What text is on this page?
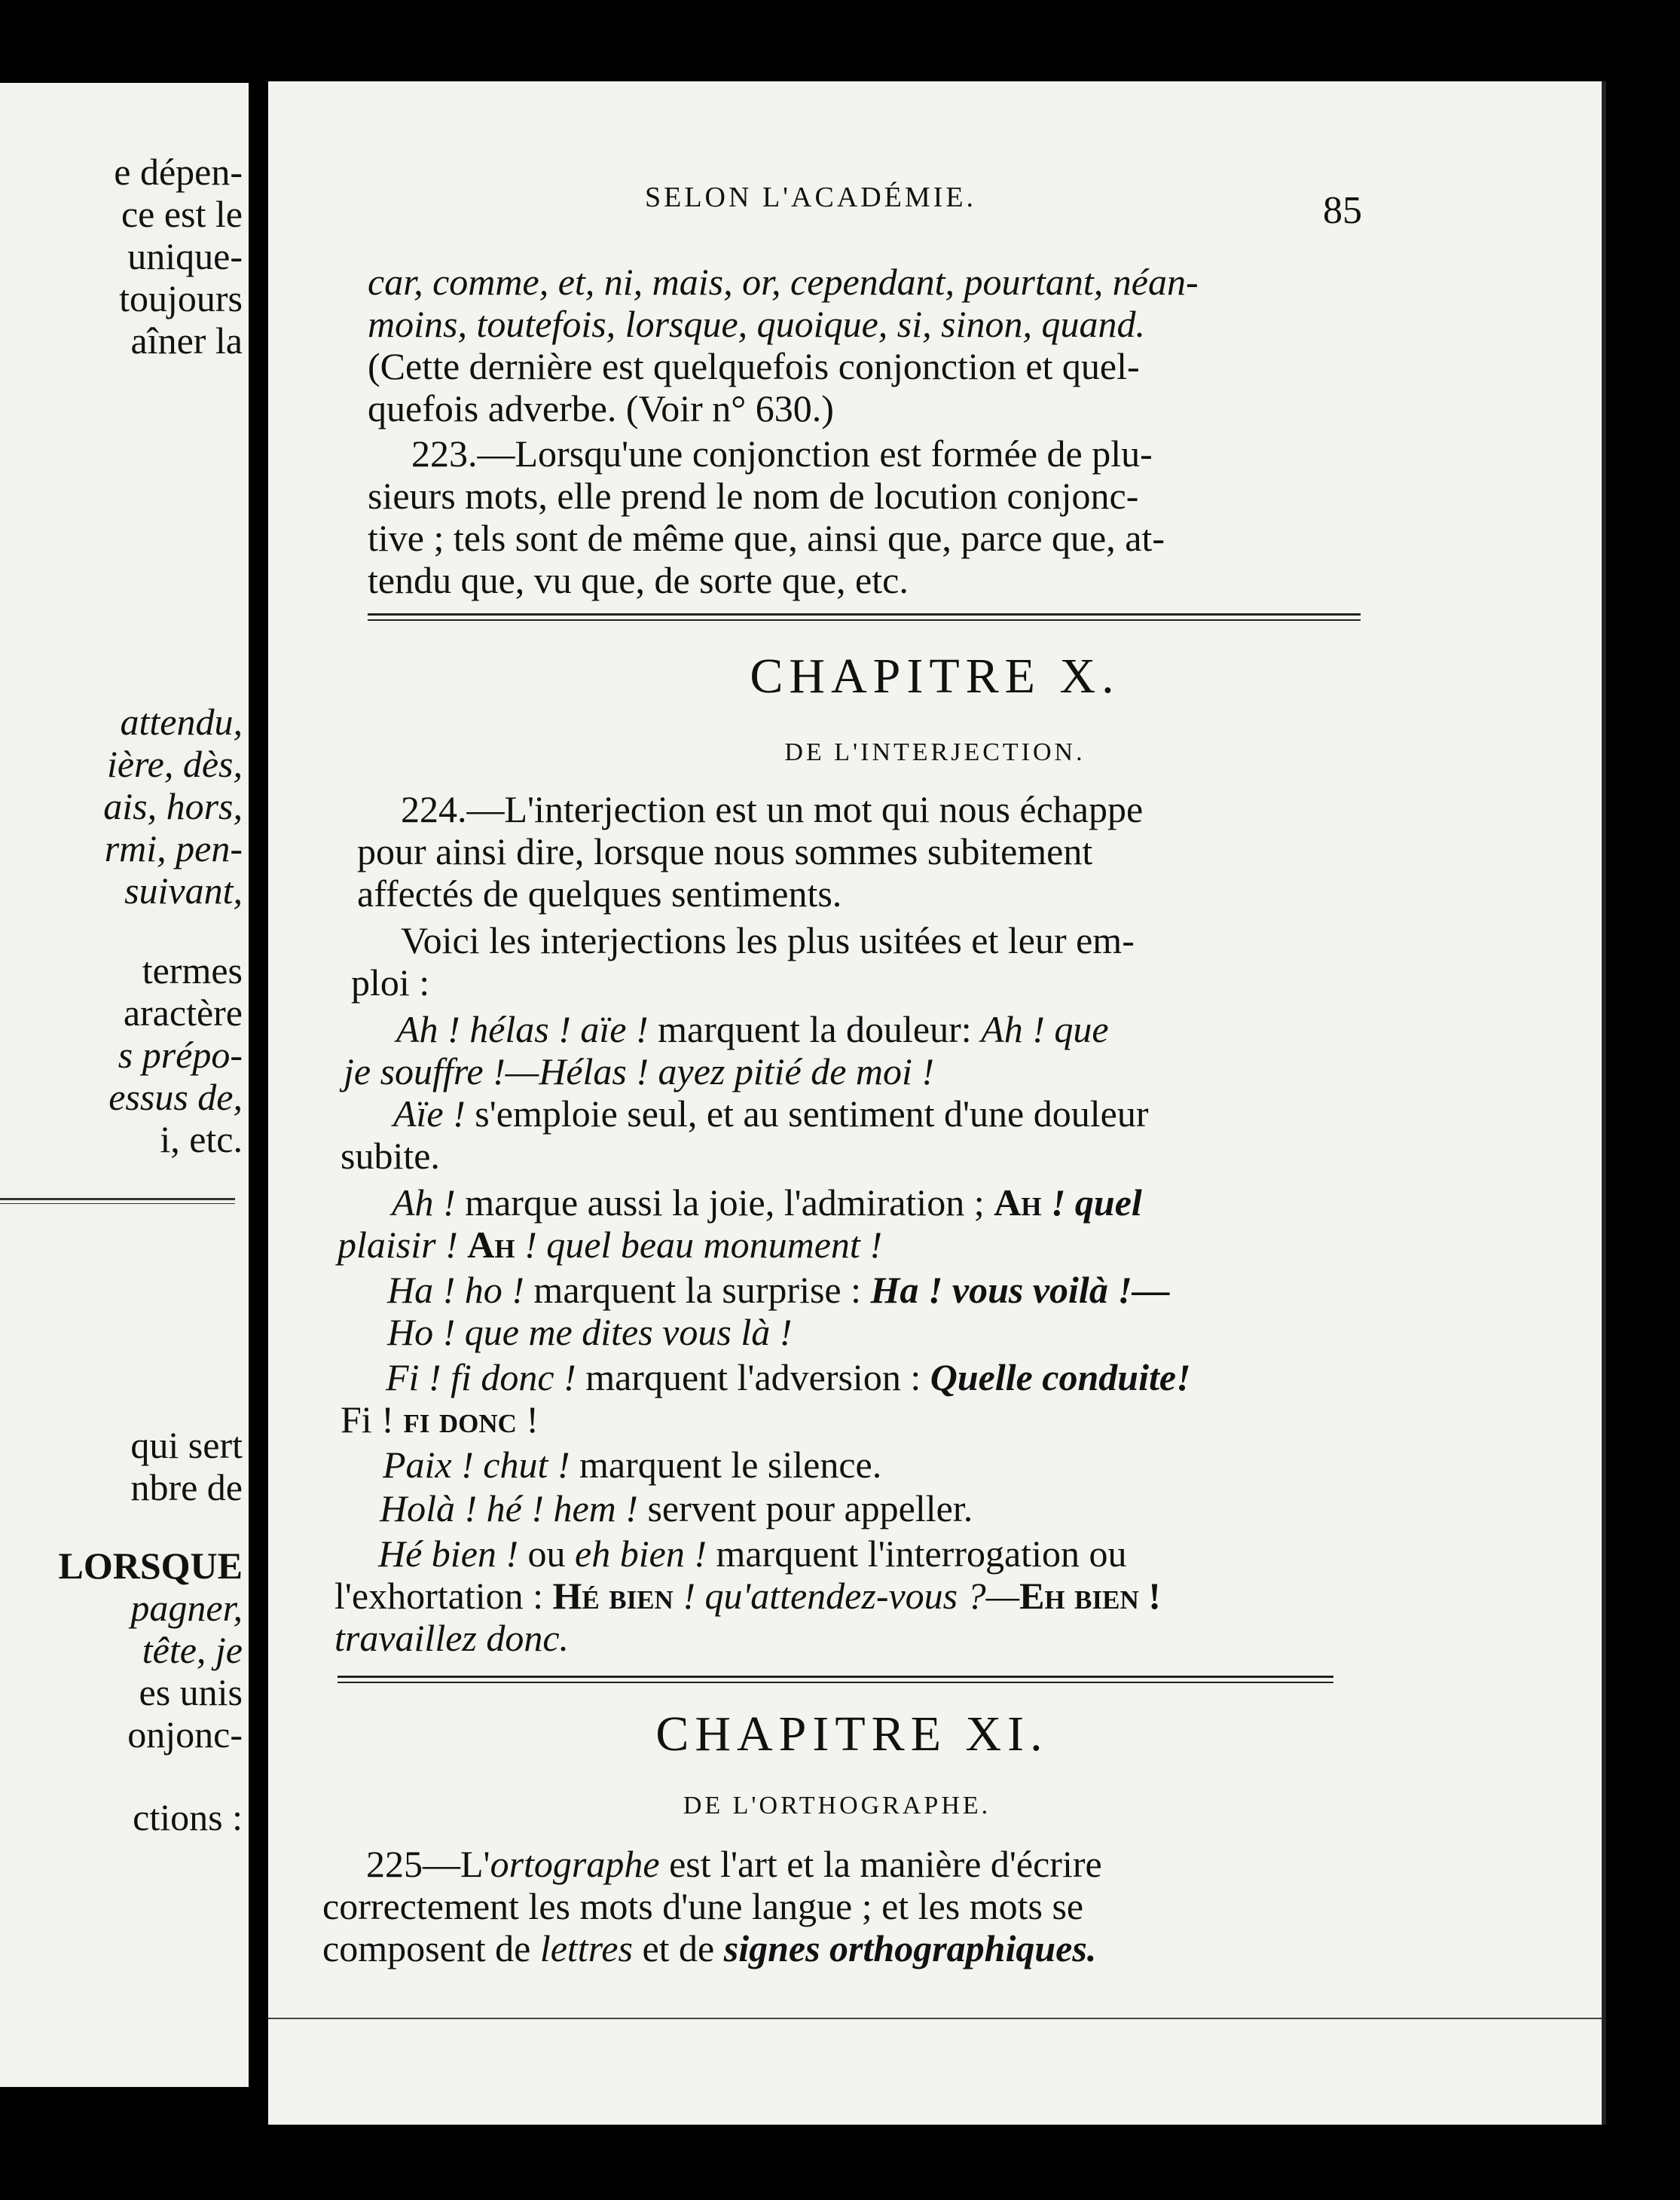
e dépen-
ce est le
unique-
toujours
aîner la
attendu,
ière, dès,
ais, hors,
rmi, pen-
suivant,
termes
aractère
s prépo-
essus de,
i, etc.
qui sert
nbre de
LORSQUE
pagner,
tête, je
es unis
onjonc-
ctions :
SELON L'ACADÉMIE.	85
car, comme, et, ni, mais, or, cependant, pourtant, néan-
moins, toutefois, lorsque, quoique, si, sinon, quand.
(Cette dernière est quelquefois conjonction et quel-
quefois adverbe. (Voir n° 630.)
223.—Lorsqu'une conjonction est formée de plu-
sieurs mots, elle prend le nom de locution conjonc-
tive ; tels sont de même que, ainsi que, parce que, at-
tendu que, vu que, de sorte que, etc.
CHAPITRE X.
DE L'INTERJECTION.
224.—L'interjection est un mot qui nous échappe
pour ainsi dire, lorsque nous sommes subitement
affectés de quelques sentiments.
Voici les interjections les plus usitées et leur em-
ploi :
Ah ! hélas ! aïe ! marquent la douleur: Ah ! que
je souffre !—Hélas ! ayez pitié de moi !
Aïe ! s'emploie seul, et au sentiment d'une douleur
subite.
Ah ! marque aussi la joie, l'admiration ; Ah ! quel
plaisir ! Ah ! quel beau monument !
Ha ! ho ! marquent la surprise : Ha ! vous voilà !—
Ho ! que me dites vous là !
Fi ! fi donc ! marquent l'adversion : Quelle conduite!
Fi ! fi donc !
Paix ! chut ! marquent le silence.
Holà ! hé ! hem ! servent pour appeller.
Hé bien ! ou eh bien ! marquent l'interrogation ou
l'exhortation : Hé bien ! qu'attendez-vous ?—Eh bien !
travaillez donc.
CHAPITRE XI.
DE L'ORTHOGRAPHE.
225—L'ortographe est l'art et la manière d'écrire
correctement les mots d'une langue ; et les mots se
composent de lettres et de signes orthographiques.
